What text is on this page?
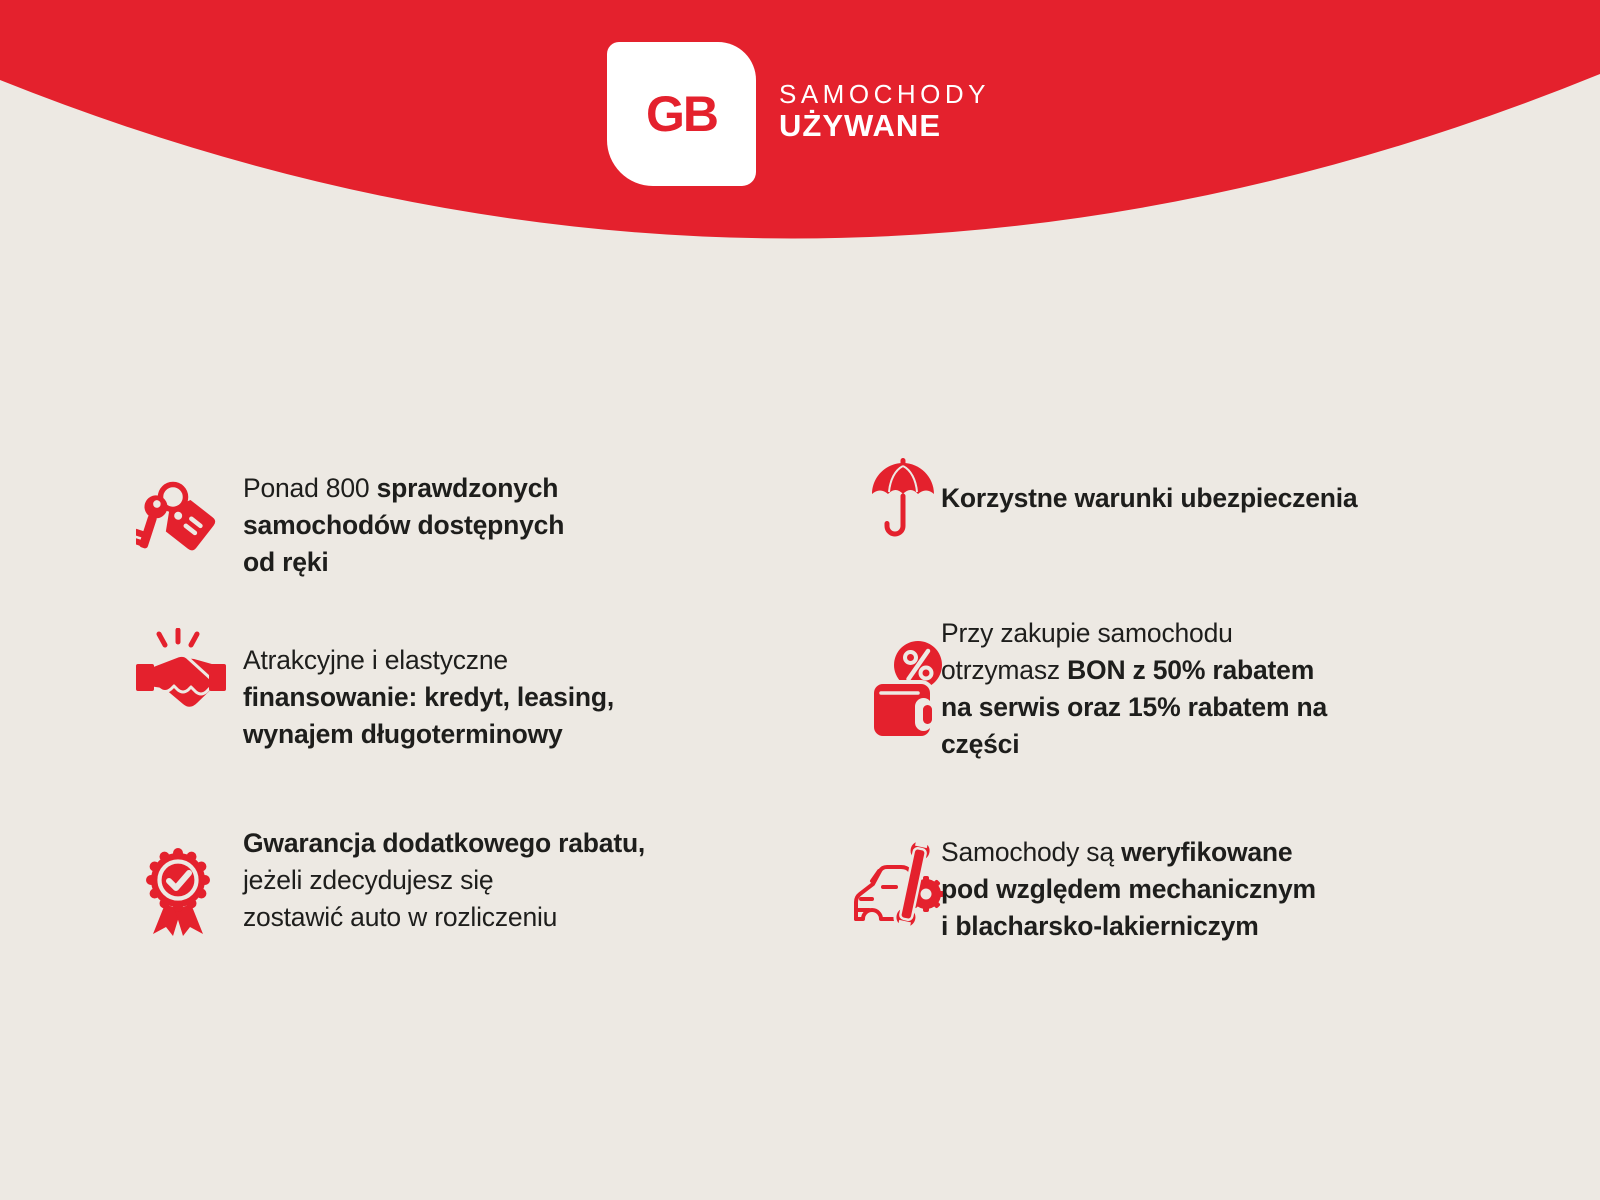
GB SAMOCHODY
UŻYWANE
Ponad 800 sprawdzonych
samochodów dostępnych
od ręki
Atrakcyjne i elastyczne
finansowanie: kredyt, leasing,
wynajem długoterminowy
Gwarancja dodatkowego rabatu,
jeżeli zdecydujesz się
zostawić auto w rozliczeniu
Korzystne warunki ubezpieczenia
Przy zakupie samochodu
otrzymasz BON z 50% rabatem
na serwis oraz 15% rabatem na
części
Samochody są weryfikowane
pod względem mechanicznym
i blacharsko-lakierniczym
